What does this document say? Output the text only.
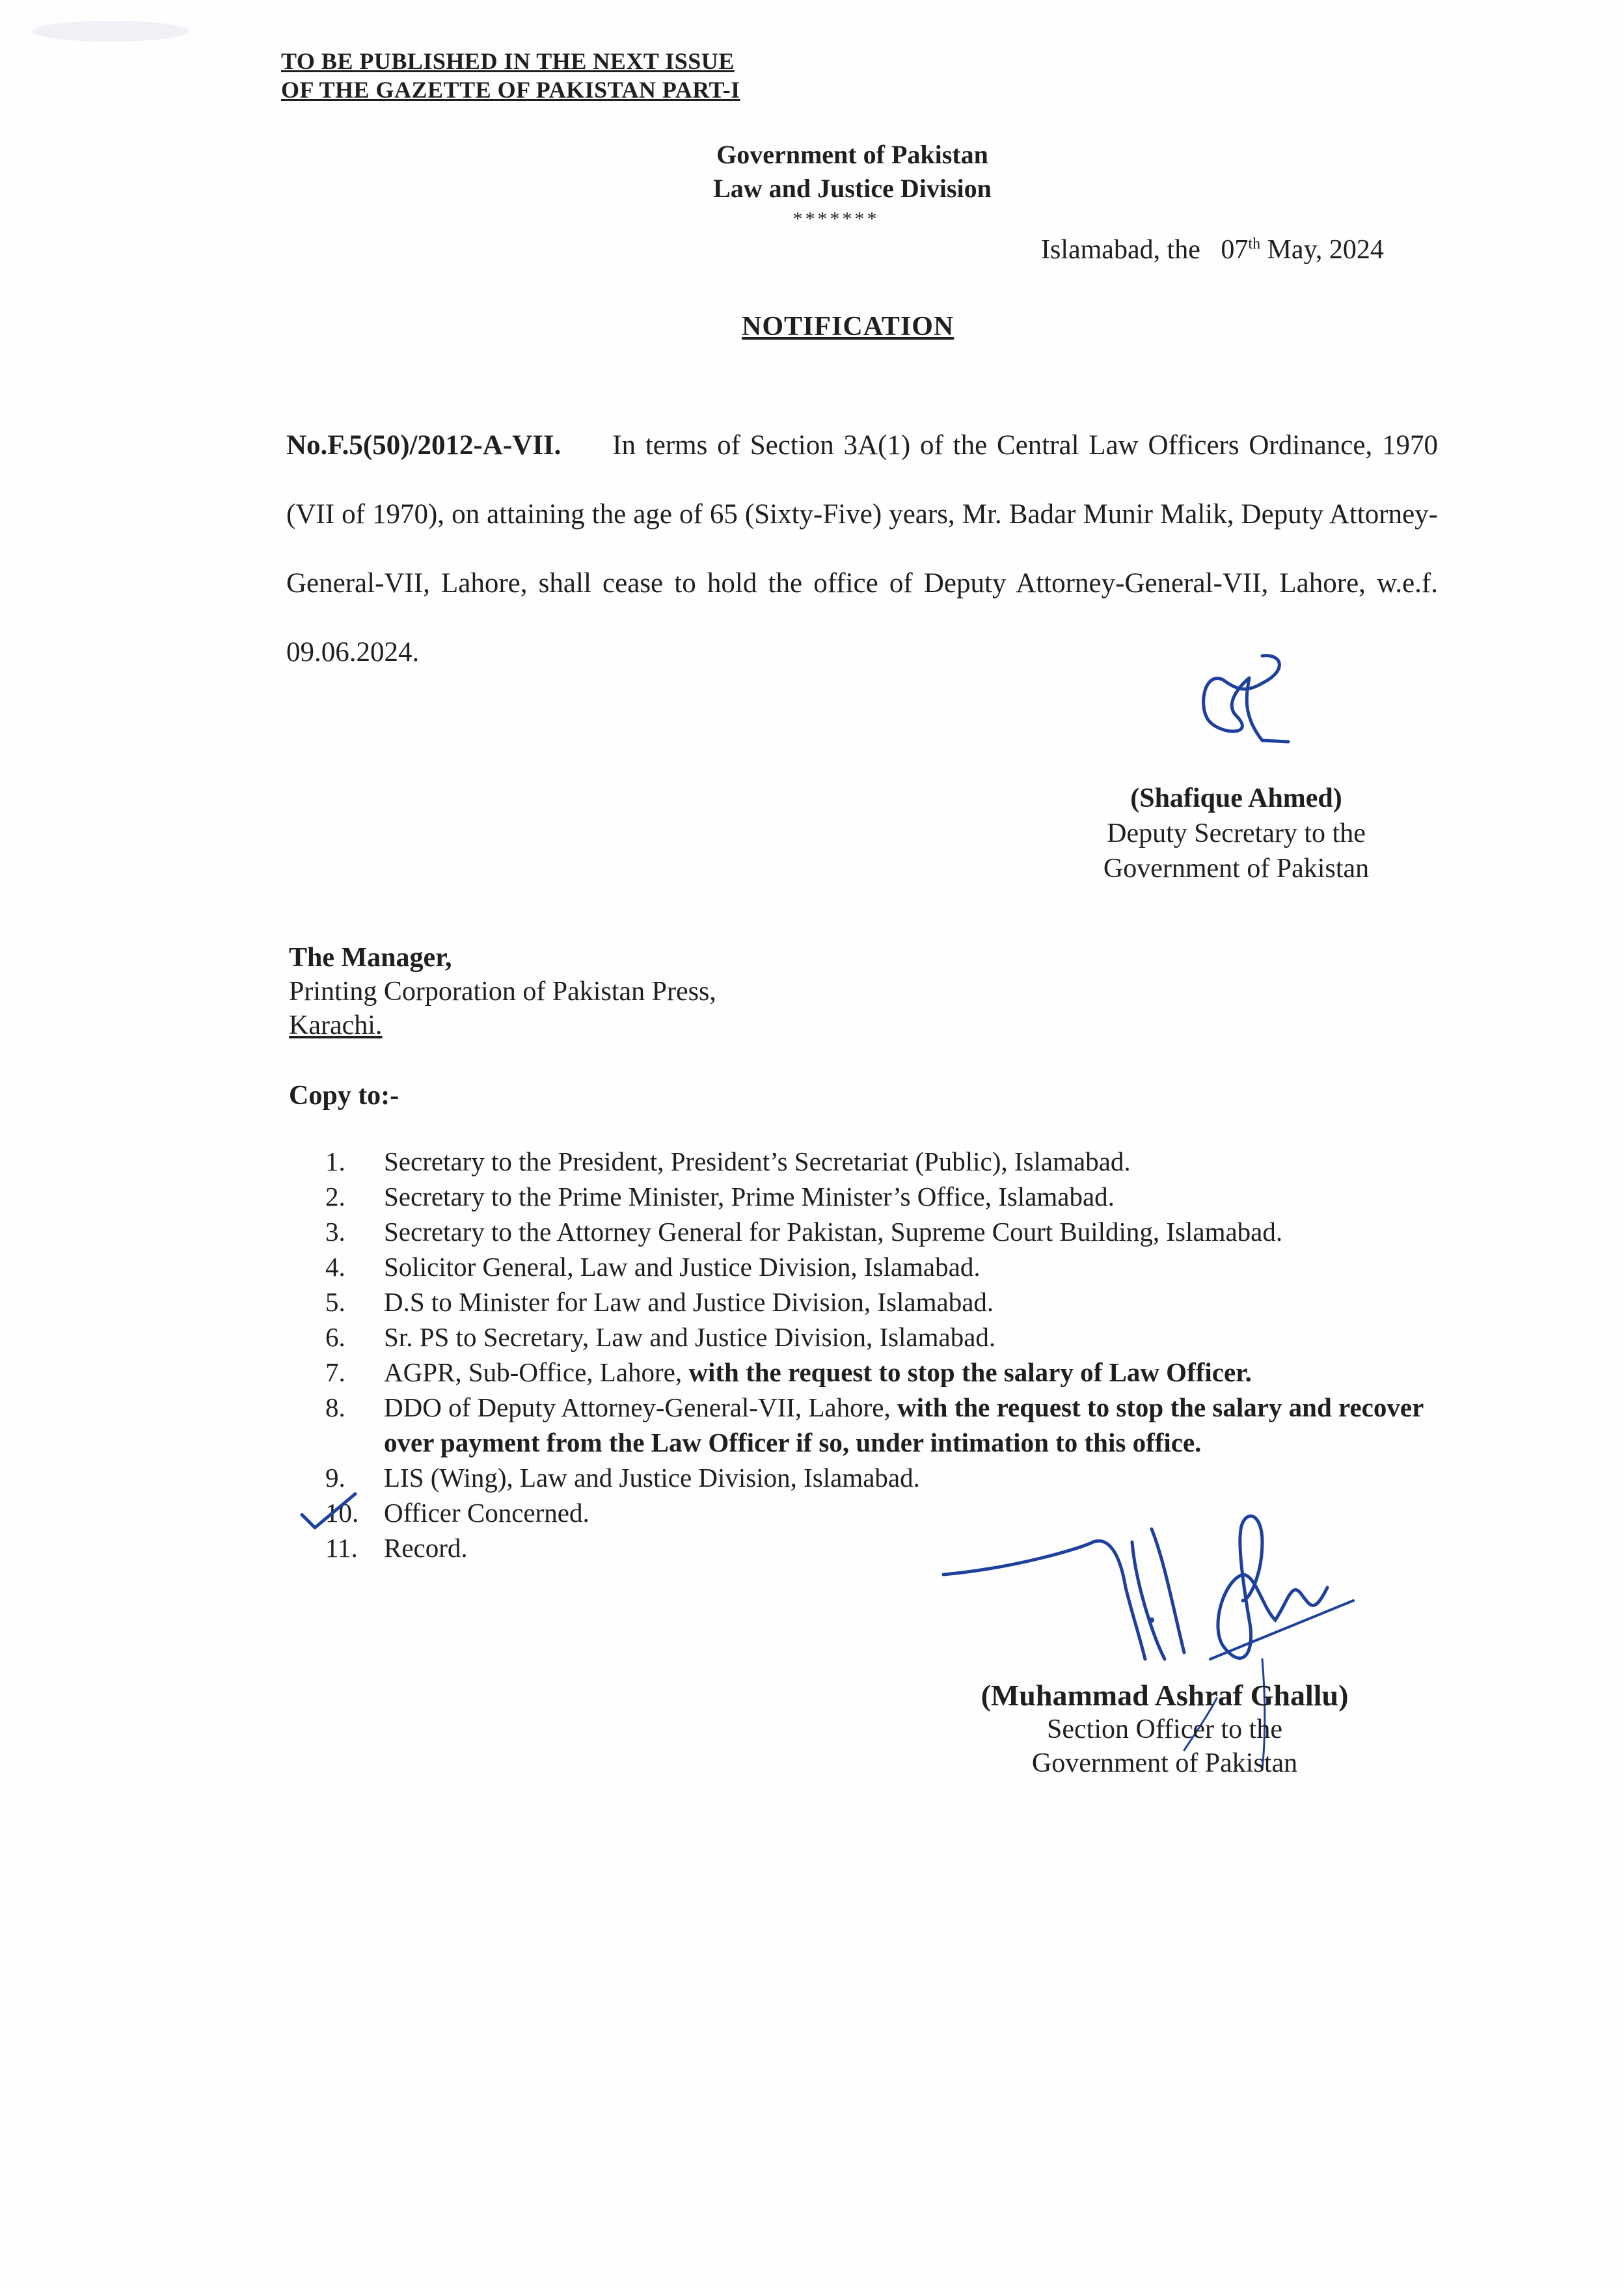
TO BE PUBLISHED IN THE NEXT ISSUE
OF THE GAZETTE OF PAKISTAN PART-I
Government of Pakistan
Law and Justice Division
*******
Islamabad, the 07th May, 2024
NOTIFICATION
No.F.5(50)/2012-A-VII. In terms of Section 3A(1) of the Central Law Officers Ordinance, 1970 (VII of 1970), on attaining the age of 65 (Sixty-Five) years, Mr. Badar Munir Malik, Deputy Attorney-General-VII, Lahore, shall cease to hold the office of Deputy Attorney-General-VII, Lahore, w.e.f. 09.06.2024.
(Shafique Ahmed)
Deputy Secretary to the
Government of Pakistan
The Manager,
Printing Corporation of Pakistan Press,
Karachi.
Copy to:-
1.	Secretary to the President, President’s Secretariat (Public), Islamabad.
2.	Secretary to the Prime Minister, Prime Minister’s Office, Islamabad.
3.	Secretary to the Attorney General for Pakistan, Supreme Court Building, Islamabad.
4.	Solicitor General, Law and Justice Division, Islamabad.
5.	D.S to Minister for Law and Justice Division, Islamabad.
6.	Sr. PS to Secretary, Law and Justice Division, Islamabad.
7.	AGPR, Sub-Office, Lahore, with the request to stop the salary of Law Officer.
8.	DDO of Deputy Attorney-General-VII, Lahore, with the request to stop the salary and recover over payment from the Law Officer if so, under intimation to this office.
9.	LIS (Wing), Law and Justice Division, Islamabad.
10. Officer Concerned.
11. Record.
(Muhammad Ashraf Ghallu)
Section Officer to the
Government of Pakistan
